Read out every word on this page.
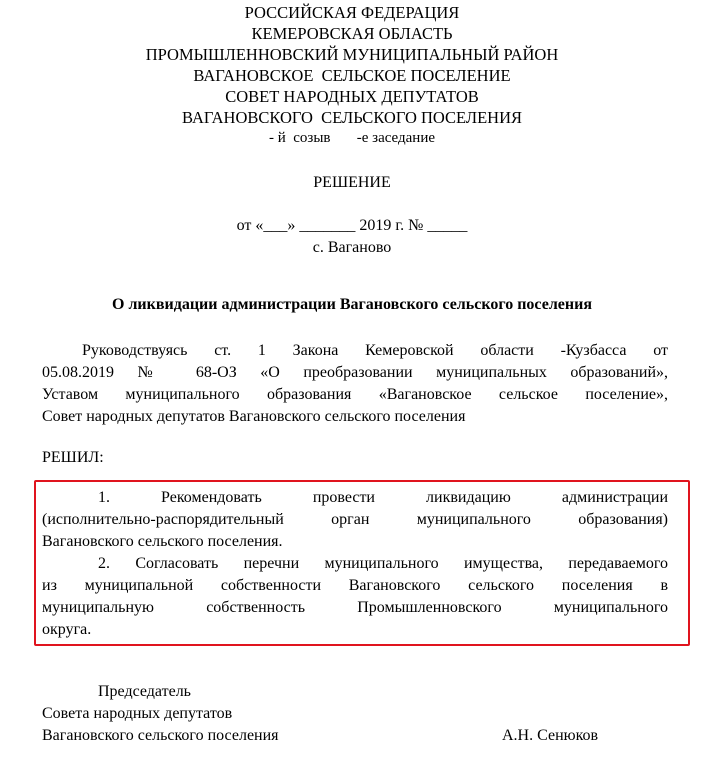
РОССИЙСКАЯ ФЕДЕРАЦИЯ
КЕМЕРОВСКАЯ ОБЛАСТЬ
ПРОМЫШЛЕННОВСКИЙ МУНИЦИПАЛЬНЫЙ РАЙОН
ВАГАНОВСКОЕ  СЕЛЬСКОЕ ПОСЕЛЕНИЕ
СОВЕТ НАРОДНЫХ ДЕПУТАТОВ
ВАГАНОВСКОГО  СЕЛЬСКОГО ПОСЕЛЕНИЯ
- й  созыв       -е заседание
РЕШЕНИЕ
от «___» _______ 2019 г. № _____
с. Ваганово
О ликвидации администрации Вагановского сельского поселения
Руководствуясь ст. 1 Закона Кемеровской области -Кузбасса от
05.08.2019 № 68-ОЗ «О преобразовании муниципальных образований»,
Уставом муниципального образования «Вагановское сельское поселение»,
Совет народных депутатов Вагановского сельского поселения
РЕШИЛ:
1. Рекомендовать провести ликвидацию администрации
(исполнительно-распорядительный орган муниципального образования)
Вагановского сельского поселения.
2. Согласовать перечни муниципального имущества, передаваемого
из муниципальной собственности Вагановского сельского поселения в
муниципальную собственность Промышленновского муниципального
округа.
Председатель
Совета народных депутатов
Вагановского сельского поселения	А.Н. Сенюков
